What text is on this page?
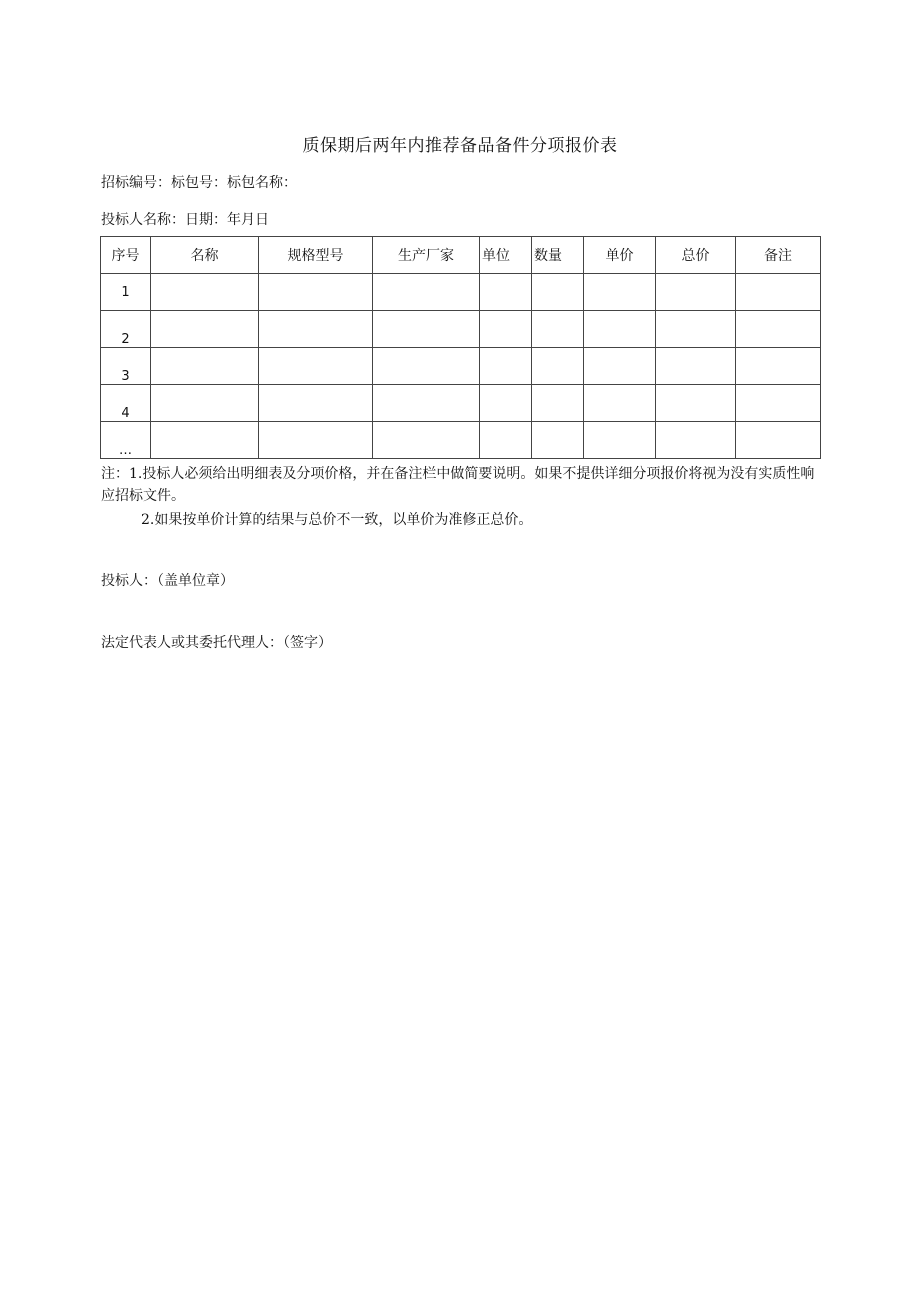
质保期后两年内推荐备品备件分项报价表
招标编号：标包号：标包名称：
投标人名称：日期：年月日
序号	名称	规格型号	生产厂家	单位	数量	单价	总价	备注
1								
2								
3								
4								
…								
注：1.投标人必须给出明细表及分项价格，并在备注栏中做简要说明。如果不提供详细分项报价将视为没有实质性响应招标文件。
2.如果按单价计算的结果与总价不一致，以单价为准修正总价。
投标人：（盖单位章）
法定代表人或其委托代理人：（签字）
